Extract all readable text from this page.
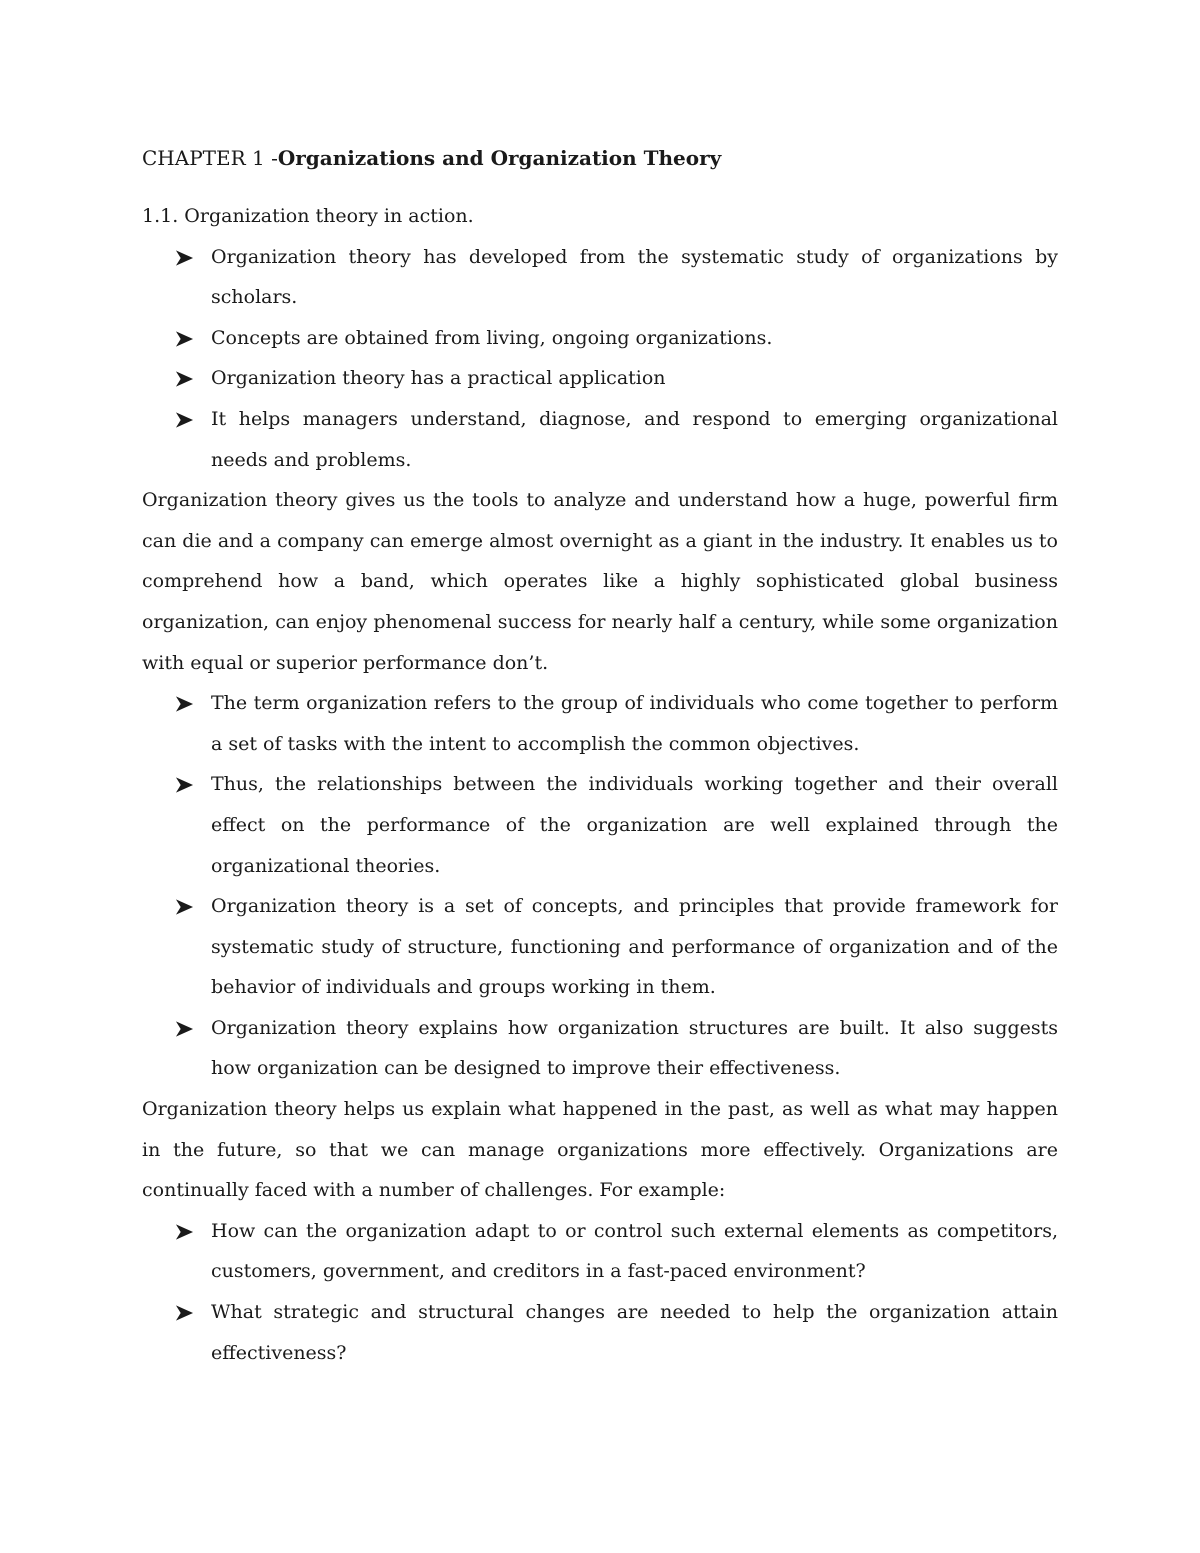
CHAPTER 1 -Organizations and Organization Theory

1.1. Organization theory in action.

Organization theory has developed from the systematic study of organizations by scholars.
Concepts are obtained from living, ongoing organizations.
Organization theory has a practical application
It helps managers understand, diagnose, and respond to emerging organizational needs and problems.

Organization theory gives us the tools to analyze and understand how a huge, powerful firm can die and a company can emerge almost overnight as a giant in the industry. It enables us to comprehend how a band, which operates like a highly sophisticated global business organization, can enjoy phenomenal success for nearly half a century, while some organization with equal or superior performance don’t.

The term organization refers to the group of individuals who come together to perform a set of tasks with the intent to accomplish the common objectives.
Thus, the relationships between the individuals working together and their overall effect on the performance of the organization are well explained through the organizational theories.
Organization theory is a set of concepts, and principles that provide framework for systematic study of structure, functioning and performance of organization and of the behavior of individuals and groups working in them.
Organization theory explains how organization structures are built. It also suggests how organization can be designed to improve their effectiveness.

Organization theory helps us explain what happened in the past, as well as what may happen in the future, so that we can manage organizations more effectively. Organizations are continually faced with a number of challenges. For example:

How can the organization adapt to or control such external elements as competitors, customers, government, and creditors in a fast-paced environment?
What strategic and structural changes are needed to help the organization attain effectiveness?
